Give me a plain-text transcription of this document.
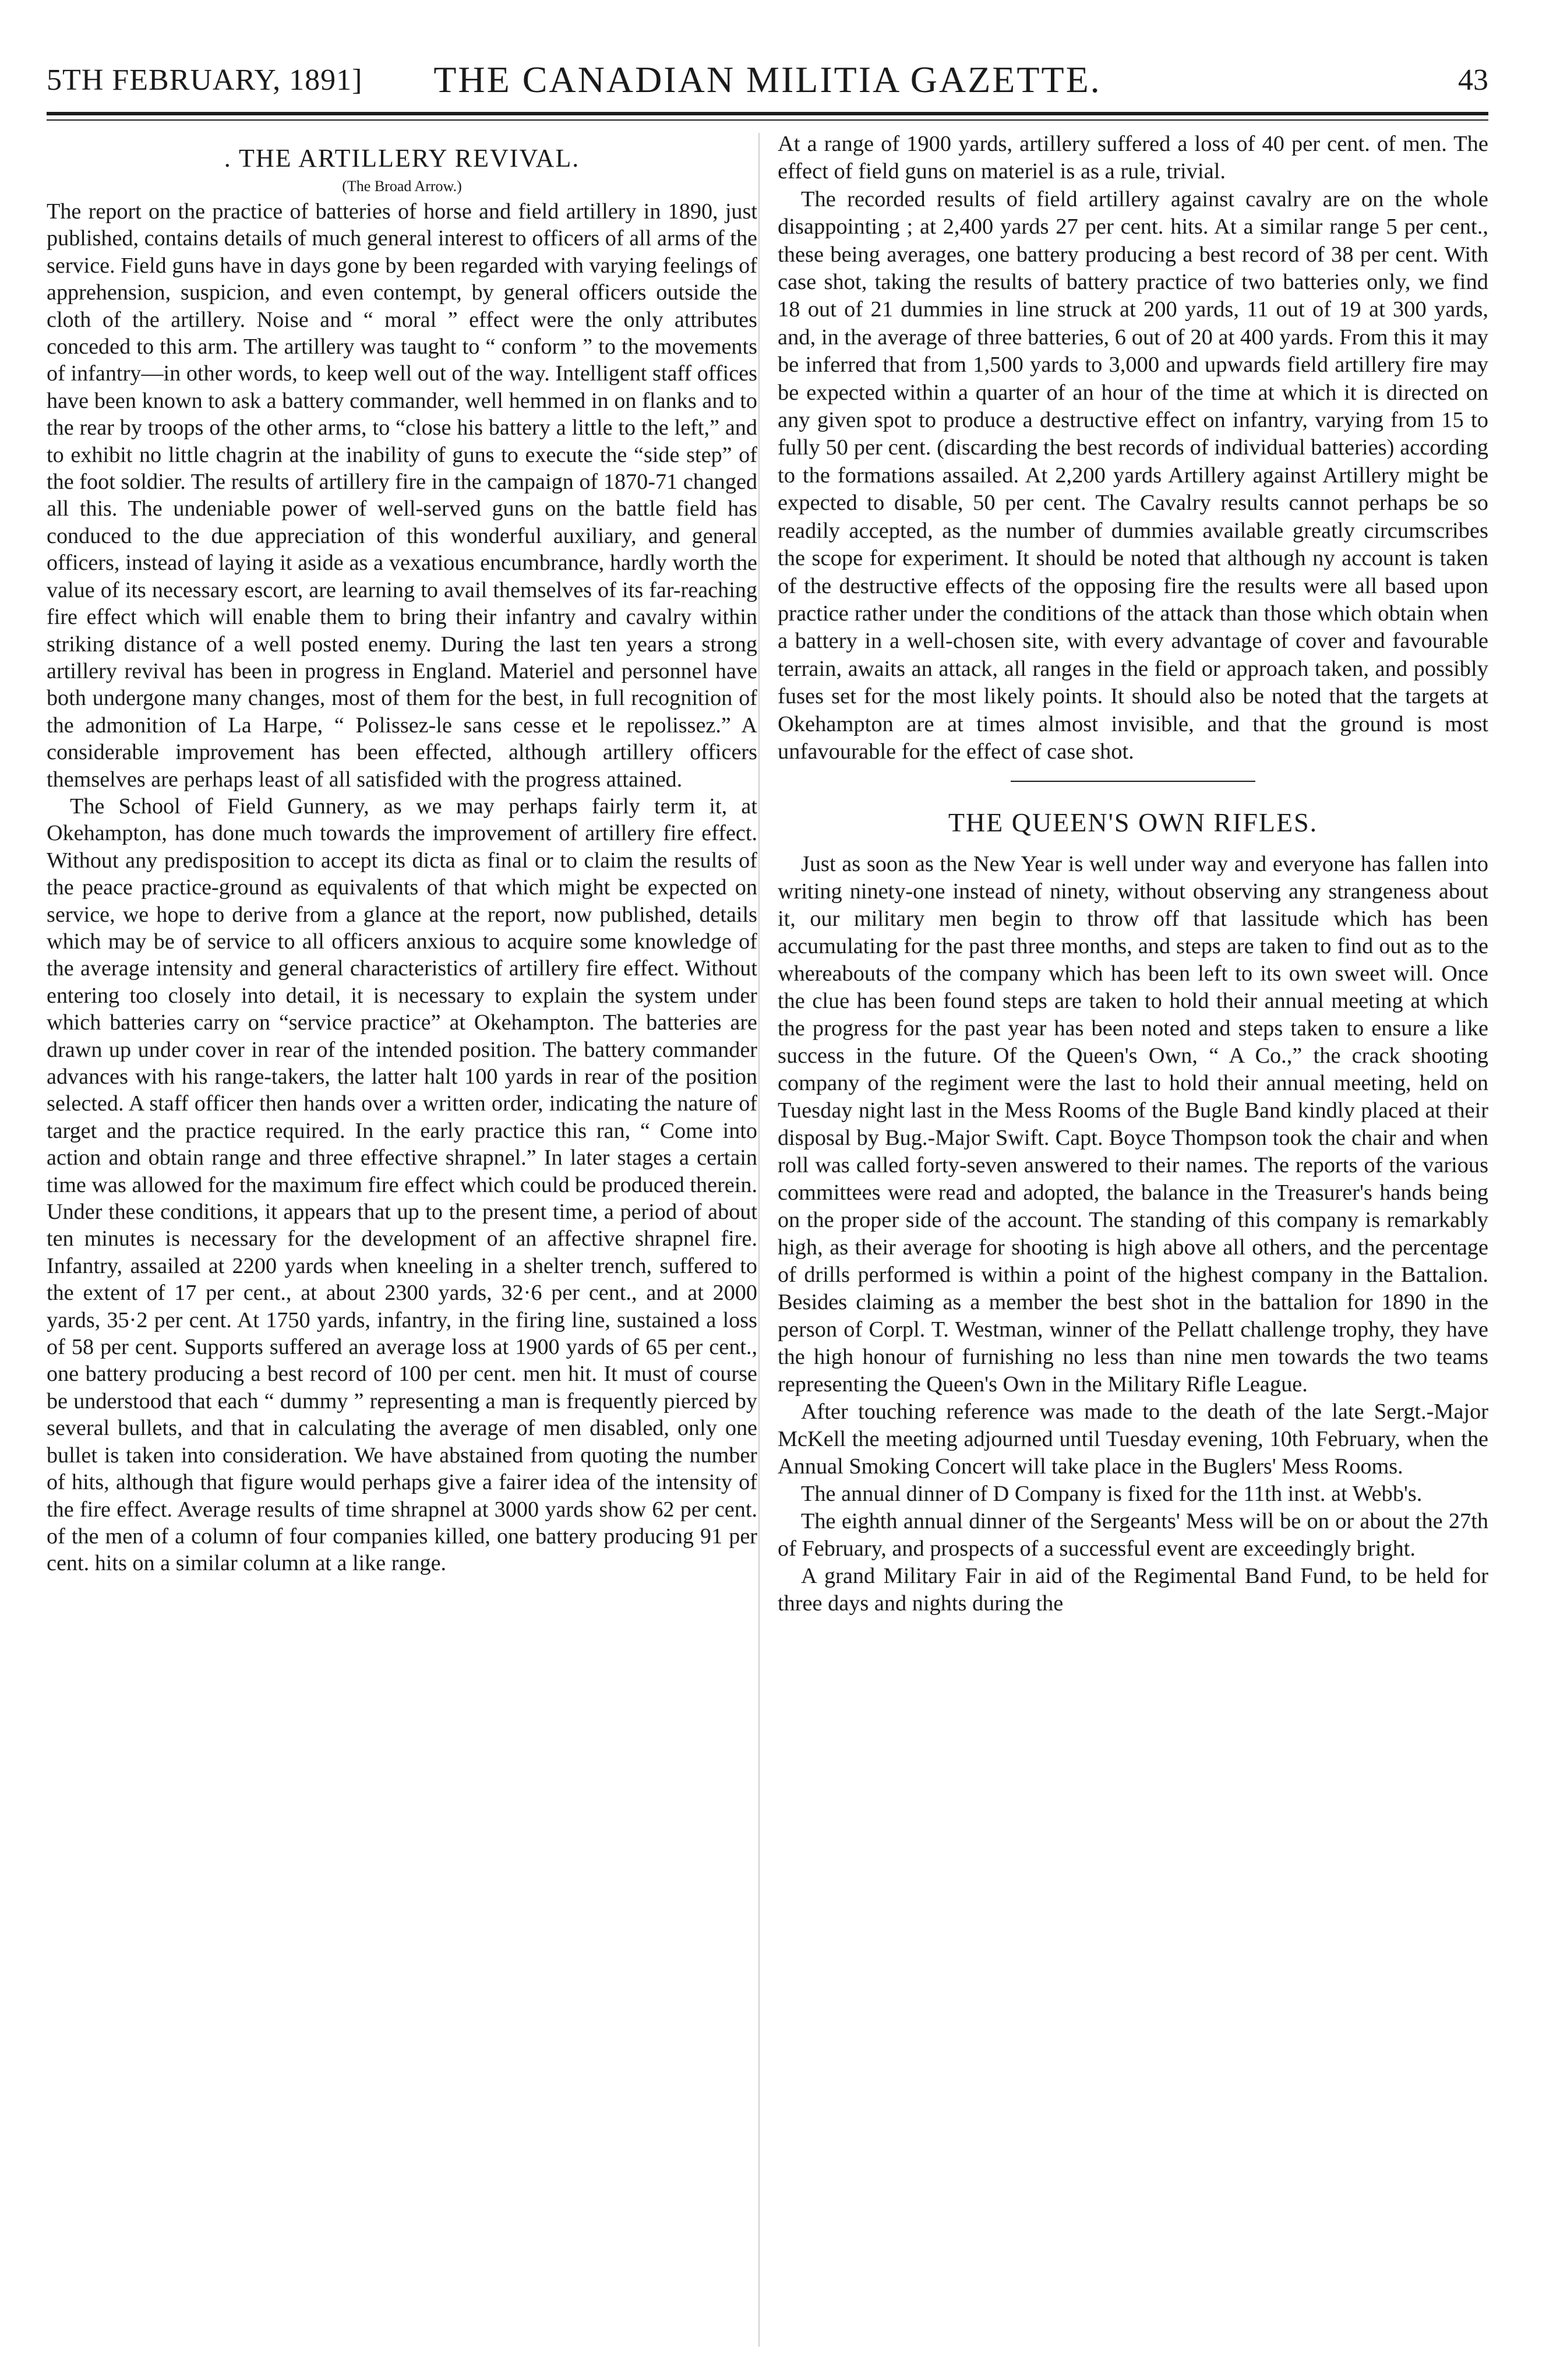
5TH FEBRUARY, 1891]	THE CANADIAN MILITIA GAZETTE.	43
. THE ARTILLERY REVIVAL.
(The Broad Arrow.)

The report on the practice of batteries of horse and field artillery in 1890, just published, contains details of much general interest to officers of all arms of the service. Field guns have in days gone by been regarded with varying feelings of apprehension, suspicion, and even contempt, by general officers outside the cloth of the artillery. Noise and “ moral ” effect were the only attributes conceded to this arm. The artillery was taught to “ conform ” to the movements of infantry—in other words, to keep well out of the way. Intelligent staff offices have been known to ask a battery commander, well hemmed in on flanks and to the rear by troops of the other arms, to “close his battery a little to the left,” and to exhibit no little chagrin at the inability of guns to execute the “side step” of the foot soldier. The results of artillery fire in the campaign of 1870-71 changed all this. The undeniable power of well-served guns on the battle field has conduced to the due appreciation of this wonderful auxiliary, and general officers, instead of laying it aside as a vexatious encumbrance, hardly worth the value of its necessary escort, are learning to avail themselves of its far-reaching fire effect which will enable them to bring their infantry and cavalry within striking distance of a well posted enemy. During the last ten years a strong artillery revival has been in progress in England. Materiel and personnel have both undergone many changes, most of them for the best, in full recognition of the admonition of La Harpe, “ Polissez-le sans cesse et le repolissez.” A considerable improvement has been effected, although artillery officers themselves are perhaps least of all satisfided with the progress attained.

The School of Field Gunnery, as we may perhaps fairly term it, at Okehampton, has done much towards the improvement of artillery fire effect. Without any predisposition to accept its dicta as final or to claim the results of the peace practice-ground as equivalents of that which might be expected on service, we hope to derive from a glance at the report, now published, details which may be of service to all officers anxious to acquire some knowledge of the average intensity and general characteristics of artillery fire effect. Without entering too closely into detail, it is necessary to explain the system under which batteries carry on “service practice” at Okehampton. The batteries are drawn up under cover in rear of the intended position. The battery commander advances with his range-takers, the latter halt 100 yards in rear of the position selected. A staff officer then hands over a written order, indicating the nature of target and the practice required. In the early practice this ran, “ Come into action and obtain range and three effective shrapnel.” In later stages a certain time was allowed for the maximum fire effect which could be produced therein. Under these conditions, it appears that up to the present time, a period of about ten minutes is necessary for the development of an affective shrapnel fire. Infantry, assailed at 2200 yards when kneeling in a shelter trench, suffered to the extent of 17 per cent., at about 2300 yards, 32·6 per cent., and at 2000 yards, 35·2 per cent. At 1750 yards, infantry, in the firing line, sustained a loss of 58 per cent. Supports suffered an average loss at 1900 yards of 65 per cent., one battery producing a best record of 100 per cent. men hit. It must of course be understood that each “ dummy ” representing a man is frequently pierced by several bullets, and that in calculating the average of men disabled, only one bullet is taken into consideration. We have abstained from quoting the number of hits, although that figure would perhaps give a fairer idea of the intensity of the fire effect. Average results of time shrapnel at 3000 yards show 62 per cent. of the men of a column of four companies killed, one battery producing 91 per cent. hits on a similar column at a like range.

At a range of 1900 yards, artillery suffered a loss of 40 per cent. of men. The effect of field guns on materiel is as a rule, trivial.

The recorded results of field artillery against cavalry are on the whole disappointing ; at 2,400 yards 27 per cent. hits. At a similar range 5 per cent., these being averages, one battery producing a best record of 38 per cent. With case shot, taking the results of battery practice of two batteries only, we find 18 out of 21 dummies in line struck at 200 yards, 11 out of 19 at 300 yards, and, in the average of three batteries, 6 out of 20 at 400 yards. From this it may be inferred that from 1,500 yards to 3,000 and upwards field artillery fire may be expected within a quarter of an hour of the time at which it is directed on any given spot to produce a destructive effect on infantry, varying from 15 to fully 50 per cent. (discarding the best records of individual batteries) according to the formations assailed. At 2,200 yards Artillery against Artillery might be expected to disable, 50 per cent. The Cavalry results cannot perhaps be so readily accepted, as the number of dummies available greatly circumscribes the scope for experiment. It should be noted that although ny account is taken of the destructive effects of the opposing fire the results were all based upon practice rather under the conditions of the attack than those which obtain when a battery in a well-chosen site, with every advantage of cover and favourable terrain, awaits an attack, all ranges in the field or approach taken, and possibly fuses set for the most likely points. It should also be noted that the targets at Okehampton are at times almost invisible, and that the ground is most unfavourable for the effect of case shot.

THE QUEEN'S OWN RIFLES.

Just as soon as the New Year is well under way and everyone has fallen into writing ninety-one instead of ninety, without observing any strangeness about it, our military men begin to throw off that lassitude which has been accumulating for the past three months, and steps are taken to find out as to the whereabouts of the company which has been left to its own sweet will. Once the clue has been found steps are taken to hold their annual meeting at which the progress for the past year has been noted and steps taken to ensure a like success in the future. Of the Queen's Own, “ A Co.,” the crack shooting company of the regiment were the last to hold their annual meeting, held on Tuesday night last in the Mess Rooms of the Bugle Band kindly placed at their disposal by Bug.-Major Swift. Capt. Boyce Thompson took the chair and when roll was called forty-seven answered to their names. The reports of the various committees were read and adopted, the balance in the Treasurer's hands being on the proper side of the account. The standing of this company is remarkably high, as their average for shooting is high above all others, and the percentage of drills performed is within a point of the highest company in the Battalion. Besides claiming as a member the best shot in the battalion for 1890 in the person of Corpl. T. Westman, winner of the Pellatt challenge trophy, they have the high honour of furnishing no less than nine men towards the two teams representing the Queen's Own in the Military Rifle League.

After touching reference was made to the death of the late Sergt.-Major McKell the meeting adjourned until Tuesday evening, 10th February, when the Annual Smoking Concert will take place in the Buglers' Mess Rooms.

The annual dinner of D Company is fixed for the 11th inst. at Webb's.

The eighth annual dinner of the Sergeants' Mess will be on or about the 27th of February, and prospects of a successful event are exceedingly bright.

A grand Military Fair in aid of the Regimental Band Fund, to be held for three days and nights during the
